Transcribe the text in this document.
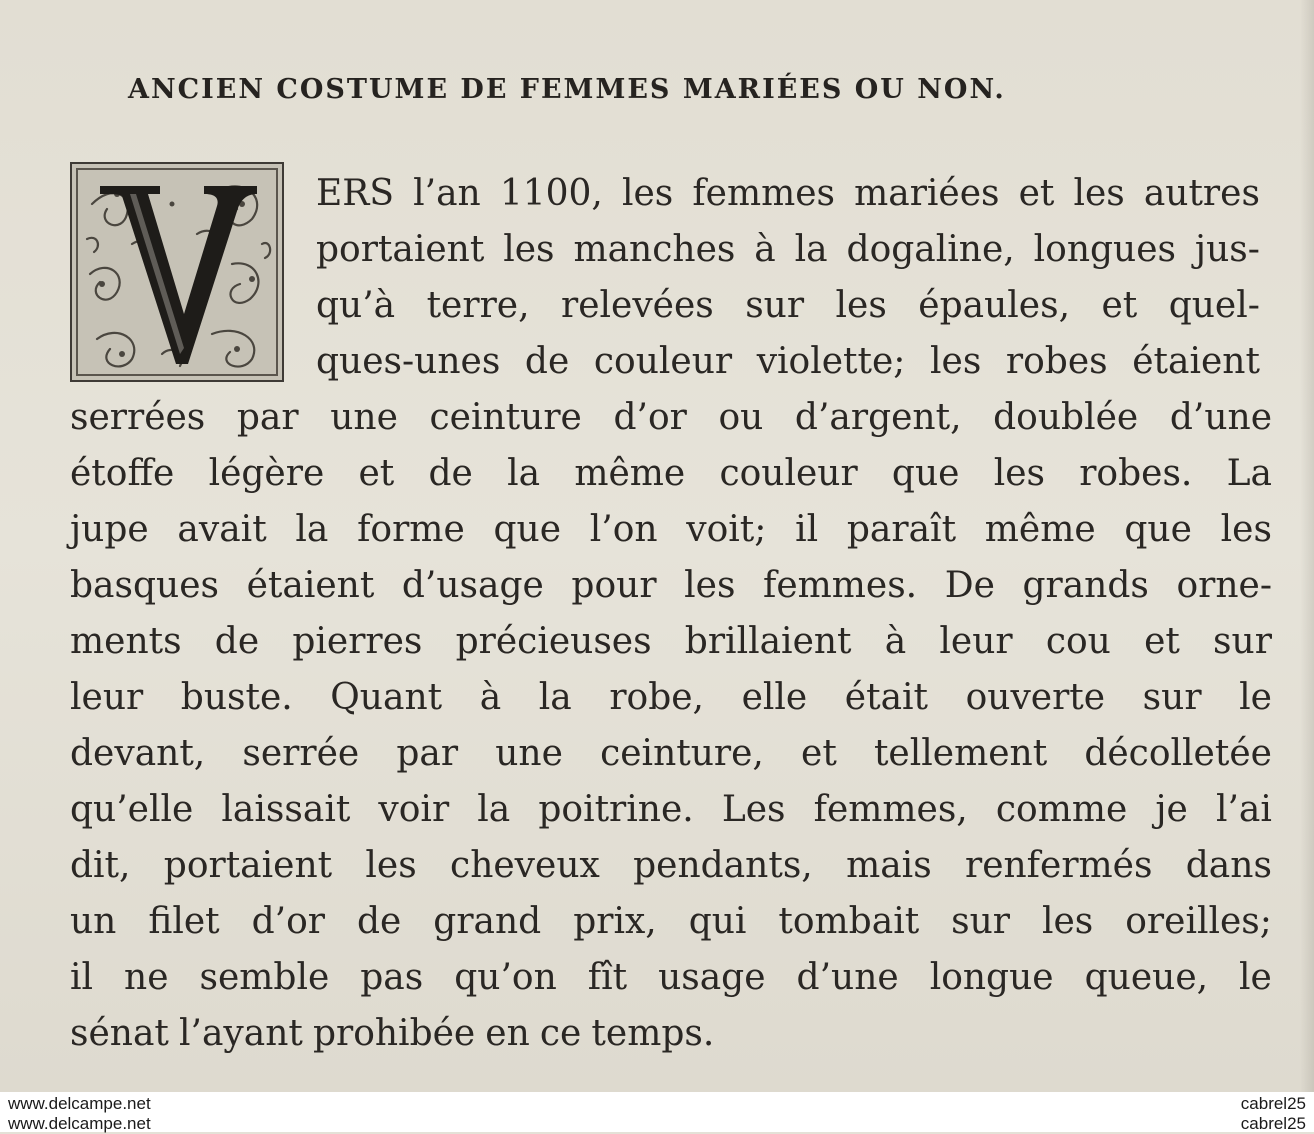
ANCIEN COSTUME DE FEMMES MARIÉES OU NON.
ERS l’an 1100, les femmes mariées et les autres
portaient les manches à la dogaline, longues jus-
qu’à terre, relevées sur les épaules, et quel-
ques-unes de couleur violette; les robes étaient
serrées par une ceinture d’or ou d’argent, doublée d’une
étoffe légère et de la même couleur que les robes. La
jupe avait la forme que l’on voit; il paraît même que les
basques étaient d’usage pour les femmes. De grands orne-
ments de pierres précieuses brillaient à leur cou et sur
leur buste. Quant à la robe, elle était ouverte sur le
devant, serrée par une ceinture, et tellement décolletée
qu’elle laissait voir la poitrine. Les femmes, comme je l’ai
dit, portaient les cheveux pendants, mais renfermés dans
un filet d’or de grand prix, qui tombait sur les oreilles;
il ne semble pas qu’on fît usage d’une longue queue, le
sénat l’ayant prohibée en ce temps.
www.delcampe.net
www.delcampe.net
cabrel25
cabrel25
